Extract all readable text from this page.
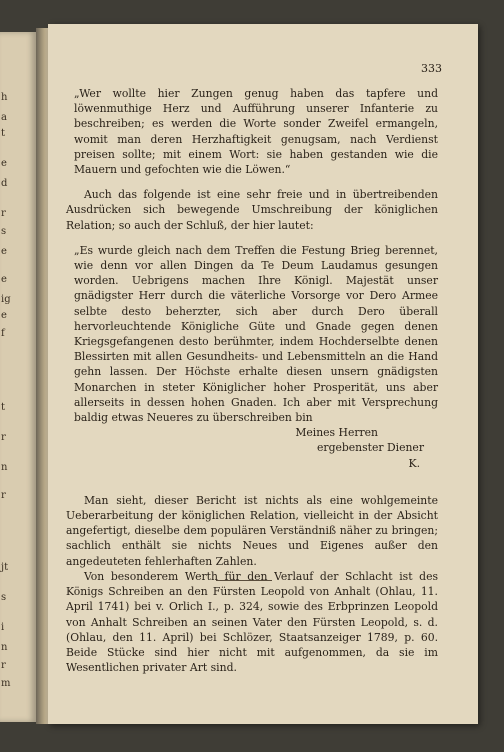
h
a
t
e
d
r
s
e
e
ig
e
f
t
r
n
r
jt
s
i
n
r
m
333

„Wer wollte hier Zungen genug haben das tapfere und löwenmuthige Herz und Aufführung unserer Infanterie zu beschreiben; es werden die Worte sonder Zweifel ermangeln, womit man deren Herzhaftigkeit genugsam, nach Verdienst preisen sollte; mit einem Wort: sie haben gestanden wie die Mauern und gefochten wie die Löwen.“

Auch das folgende ist eine sehr freie und in übertreibenden Ausdrücken sich bewegende Umschreibung der königlichen Relation; so auch der Schluß, der hier lautet:

„Es wurde gleich nach dem Treffen die Festung Brieg berennet, wie denn vor allen Dingen da Te Deum Laudamus gesungen worden. Uebrigens machen Ihre Königl. Majestät unser gnädigster Herr durch die väterliche Vorsorge vor Dero Armee selbte desto beherzter, sich aber durch Dero überall hervorleuchtende Königliche Güte und Gnade gegen denen Kriegsgefangenen desto berühmter, indem Hochderselbte denen Blessirten mit allen Gesundheits- und Lebensmitteln an die Hand gehn lassen. Der Höchste erhalte diesen unsern gnädigsten Monarchen in steter Königlicher hoher Prosperität, uns aber allerseits in dessen hohen Gnaden. Ich aber mit Versprechung baldig etwas Neueres zu überschreiben bin

Meines Herren

ergebenster Diener

K.

Man sieht, dieser Bericht ist nichts als eine wohlgemeinte Ueberarbeitung der königlichen Relation, vielleicht in der Absicht angefertigt, dieselbe dem populären Verständniß näher zu bringen; sachlich enthält sie nichts Neues und Eigenes außer den angedeuteten fehlerhaften Zahlen.

Von besonderem Werth für den Verlauf der Schlacht ist des Königs Schreiben an den Fürsten Leopold von Anhalt (Ohlau, 11. April 1741) bei v. Orlich I., p. 324, sowie des Erbprinzen Leopold von Anhalt Schreiben an seinen Vater den Fürsten Leopold, s. d. (Ohlau, den 11. April) bei Schlözer, Staatsanzeiger 1789, p. 60. Beide Stücke sind hier nicht mit aufgenommen, da sie im Wesentlichen privater Art sind.
